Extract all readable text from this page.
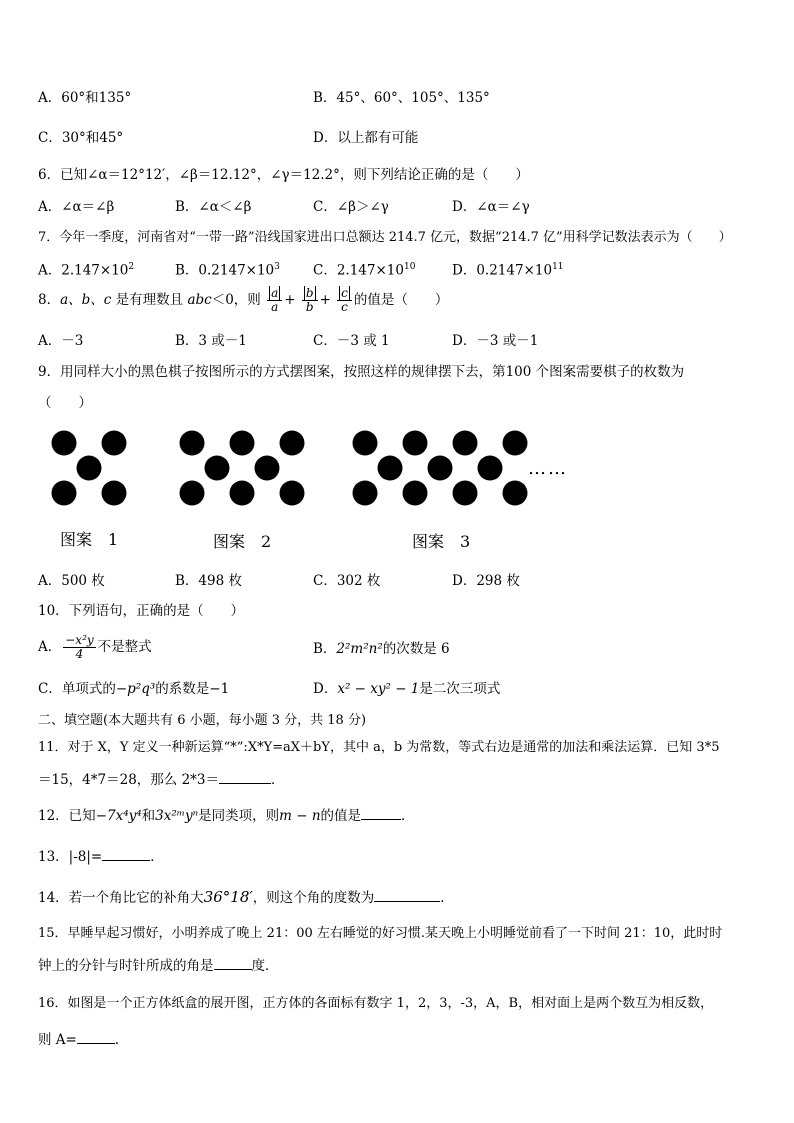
A．60°和135°	B．45°、60°、105°、135°
C．30°和45°	D．以上都有可能
6．已知∠α＝12°12′，∠β＝12.12°，∠γ＝12.2°，则下列结论正确的是（　　）
A．∠α＝∠β	B．∠α＜∠β	C．∠β＞∠γ	D．∠α＝∠γ
7．今年一季度，河南省对“一带一路”沿线国家进出口总额达 214.7 亿元，数据“214.7 亿”用科学记数法表示为（　　）
A．$2.147\times 10^2$	B．$0.2147\times 10^3$ C．$2.147\times 10^{10}$	D．$0.2147\times 10^{11}$
8．a、b、c 是有理数且 abc＜0，则 $\frac{a}{a} + \frac{b}{b} + \frac{c}{c}$ 的值是（　　）
A．－3	B．3 或－1	C．－3 或 1	D．－3 或－1
9．用同样大小的黑色棋子按图所示的方式摆图案，按照这样的规律摆下去，第100 个图案需要棋子的枚数为
（　　）
……
图案　1	图案　2	图案　3
A．500 枚	B．498 枚	C．302 枚	D．298 枚
10．下列语句，正确的是（　　）
A． $\frac{\text{−x²y}}{4}$ 不是整式	B．2²m²n²的次数是 6
C．单项式的−p²q³的系数是−1	D．x² − xy² − 1是二次三项式
二、填空题(本大题共有 6 小题，每小题 3 分，共 18 分)
11．对于 X，Y 定义一种新运算“*”:X*Y=aX＋bY，其中 a，b 为常数，等式右边是通常的加法和乘法运算．已知 3*5
＝15，4*7＝28，那么 2*3＝	．
12．已知−7x⁴y⁴和3x²ᵐyⁿ是同类项，则m − n的值是	．
13．|-8|=	．
14．若一个角比它的补角大36°18′，则这个角的度数为	．
15．早睡早起习惯好，小明养成了晚上 21：00 左右睡觉的好习惯.某天晚上小明睡觉前看了一下时间 21：10，此时时
钟上的分针与时针所成的角是	度．
16．如图是一个正方体纸盒的展开图，正方体的各面标有数字 1，2，3，-3，A，B，相对面上是两个数互为相反数，
则 A=	．
